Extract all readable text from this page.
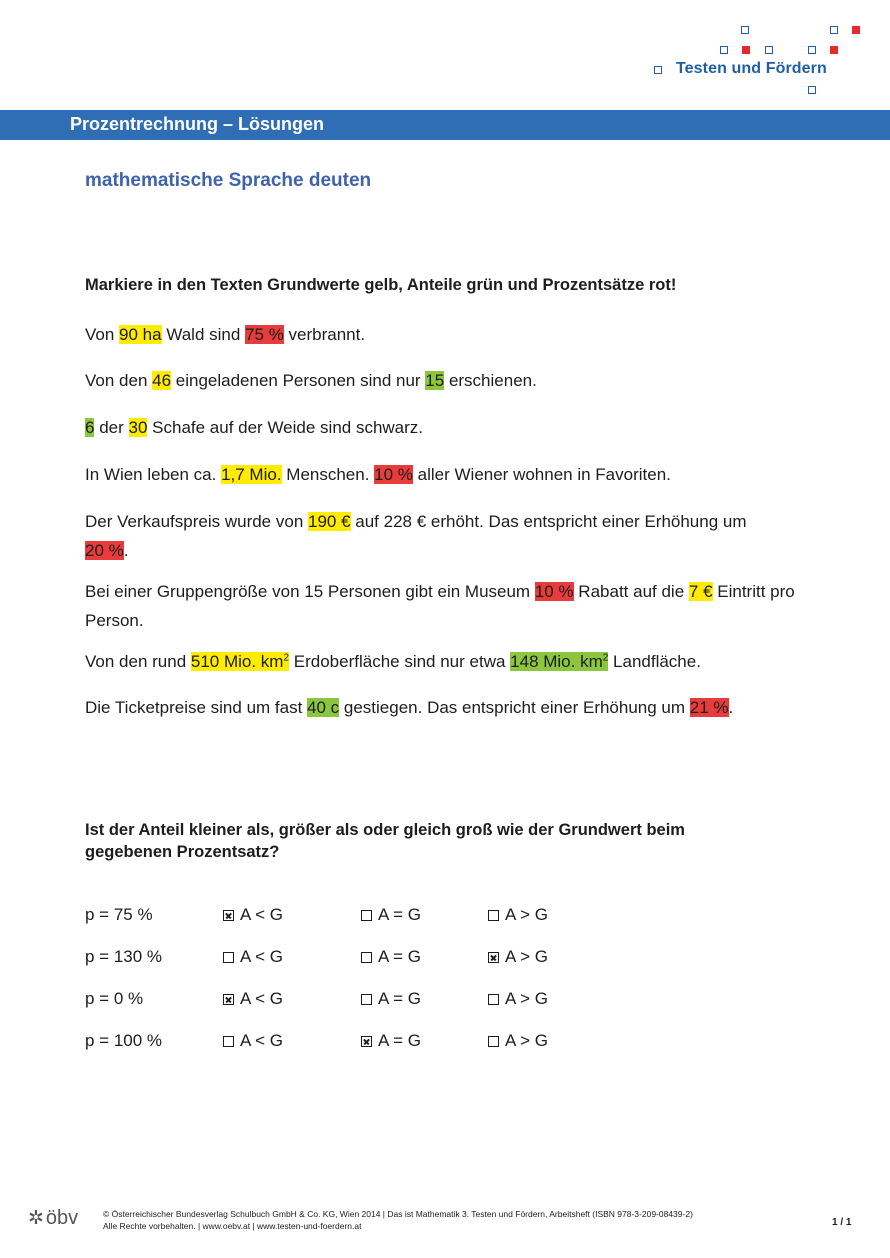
Testen und Fördern
Prozentrechnung – Lösungen
mathematische Sprache deuten
Markiere in den Texten Grundwerte gelb, Anteile grün und Prozentsätze rot!
Von 90 ha Wald sind 75 % verbrannt.
Von den 46 eingeladenen Personen sind nur 15 erschienen.
6 der 30 Schafe auf der Weide sind schwarz.
In Wien leben ca. 1,7 Mio. Menschen. 10 % aller Wiener wohnen in Favoriten.
Der Verkaufspreis wurde von 190 € auf 228 € erhöht. Das entspricht einer Erhöhung um 20 %.
Bei einer Gruppengröße von 15 Personen gibt ein Museum 10 % Rabatt auf die 7 € Eintritt pro Person.
Von den rund 510 Mio. $km^2$ Erdoberfläche sind nur etwa 148 Mio. $km^2$ Landfläche.
Die Ticketpreise sind um fast 40 c gestiegen. Das entspricht einer Erhöhung um 21 %.
Ist der Anteil kleiner als, größer als oder gleich groß wie der Grundwert beim gegebenen Prozentsatz?
p = 75 %	A < G	A = G	A > G
p = 130 %	A < G	A = G	A > G
p = 0 %	A < G	A = G	A > G
p = 100 %	A < G	A = G	A > G
✲ öbv	© Österreichischer Bundesverlag Schulbuch GmbH & Co. KG, Wien 2014 | Das ist Mathematik 3. Testen und Fördern, Arbeitsheft (ISBN 978-3-209-08439-2)
Alle Rechte vorbehalten. | www.oebv.at | www.testen-und-foerdern.at	1 / 1
